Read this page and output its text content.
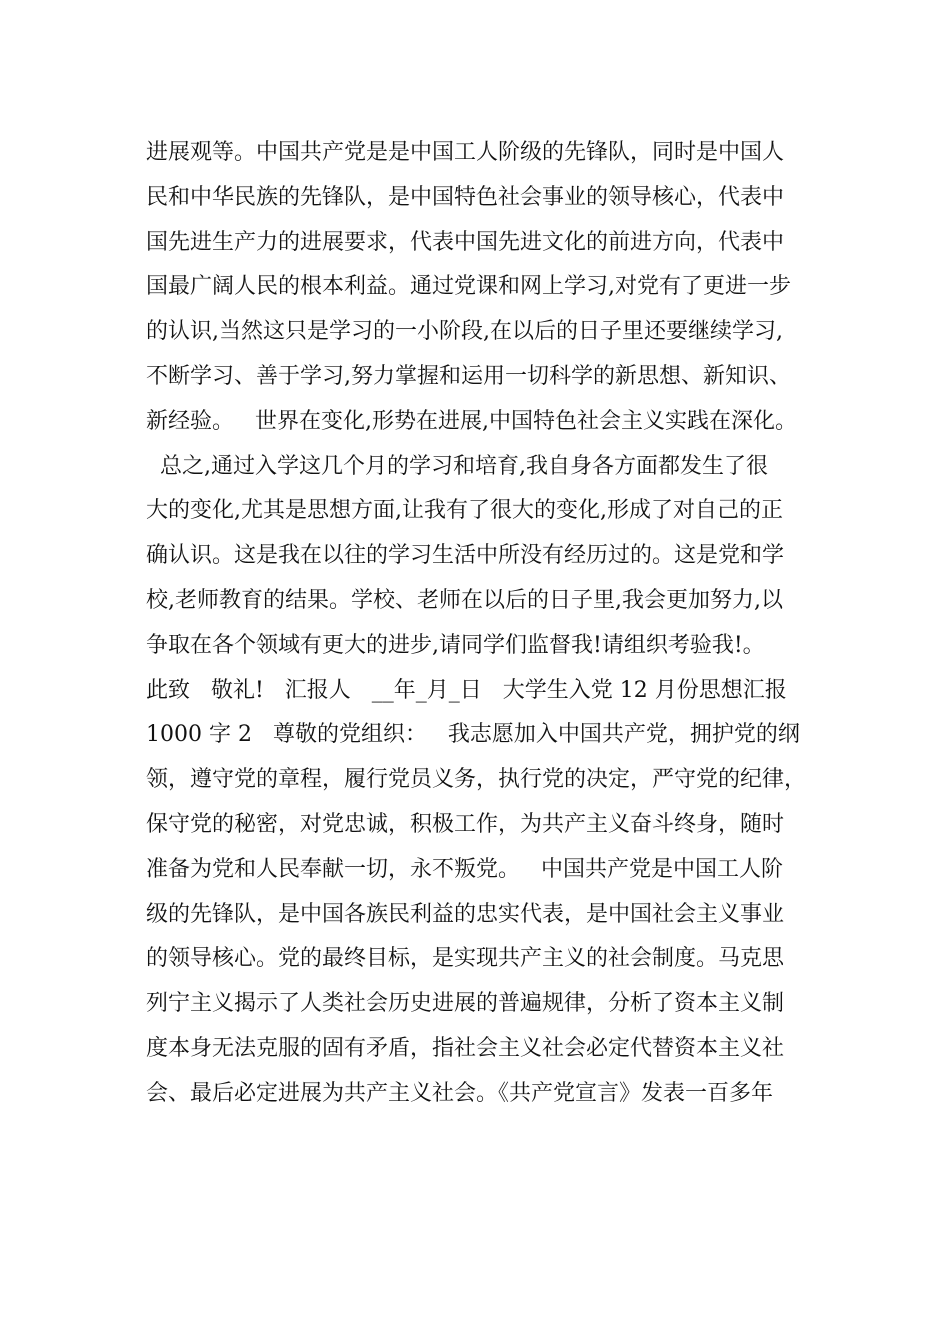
进展观等。中国共产党是是中国工人阶级的先锋队，同时是中国人
民和中华民族的先锋队，是中国特色社会事业的领导核心，代表中
国先进生产力的进展要求，代表中国先进文化的前进方向，代表中
国最广阔人民的根本利益。通过党课和网上学习,对党有了更进一步
的认识,当然这只是学习的一小阶段,在以后的日子里还要继续学习,
不断学习、善于学习,努力掌握和运用一切科学的新思想、新知识、
新经验。   世界在变化,形势在进展,中国特色社会主义实践在深化。
总之,通过入学这几个月的学习和培育,我自身各方面都发生了很
大的变化,尤其是思想方面,让我有了很大的变化,形成了对自己的正
确认识。这是我在以往的学习生活中所没有经历过的。这是党和学
校,老师教育的结果。学校、老师在以后的日子里,我会更加努力,以
争取在各个领域有更大的进步,请同学们监督我!请组织考验我!。
此致   敬礼!   汇报人   __年_月_日   大学生入党 12 月份思想汇报
1000 字 2   尊敬的党组织：   我志愿加入中国共产党，拥护党的纲
领，遵守党的章程，履行党员义务，执行党的决定，严守党的纪律，
保守党的秘密，对党忠诚，积极工作，为共产主义奋斗终身，随时
准备为党和人民奉献一切，永不叛党。   中国共产党是中国工人阶
级的先锋队，是中国各族民利益的忠实代表，是中国社会主义事业
的领导核心。党的最终目标，是实现共产主义的社会制度。马克思
列宁主义揭示了人类社会历史进展的普遍规律，分析了资本主义制
度本身无法克服的固有矛盾，指社会主义社会必定代替资本主义社
会、最后必定进展为共产主义社会。《共产党宣言》发表一百多年
